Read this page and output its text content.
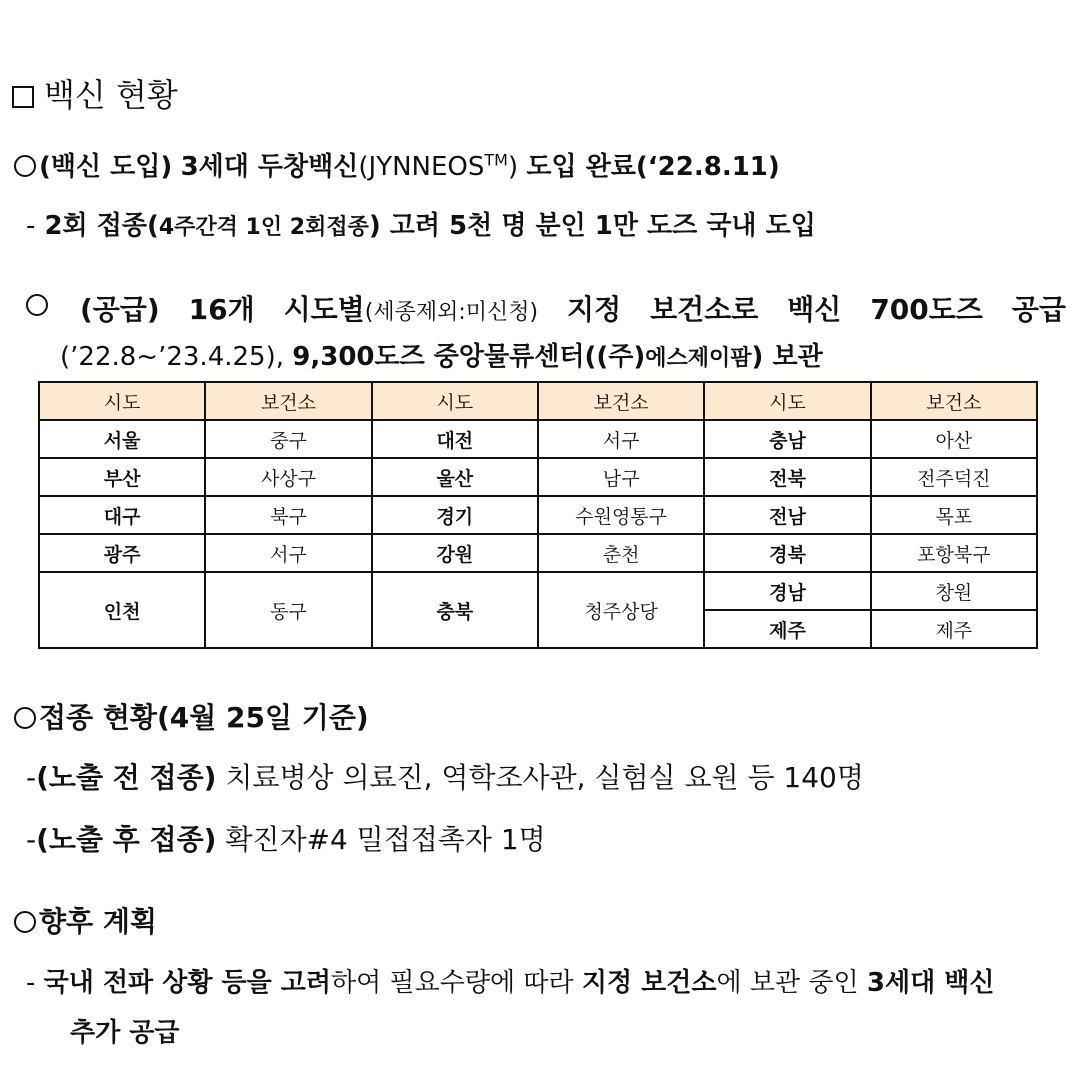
백신 현황
(백신 도입) 3세대 두창백신(JYNNEOS™) 도입 완료(‘22.8.11)
- 2회 접종(4주간격 1인 2회접종) 고려 5천 명 분인 1만 도즈 국내 도입
(공급) 16개 시도별(세종제외:미신청) 지정 보건소로 백신 700도즈 공급
(’22.8~’23.4.25), 9,300도즈 중앙물류센터((주)에스제이팜) 보관
시도	보건소	시도	보건소	시도	보건소
서울	중구	대전	서구	충남	아산
부산	사상구	울산	남구	전북	전주덕진
대구	북구	경기	수원영통구	전남	목포
광주	서구	강원	춘천	경북	포항북구
인천	동구	충북	청주상당	경남	창원
				제주	제주
접종 현황(4월 25일 기준)
-(노출 전 접종) 치료병상 의료진, 역학조사관, 실험실 요원 등 140명
-(노출 후 접종) 확진자#4 밀접접촉자 1명
향후 계획
- 국내 전파 상황 등을 고려하여 필요수량에 따라 지정 보건소에 보관 중인 3세대 백신
추가 공급
